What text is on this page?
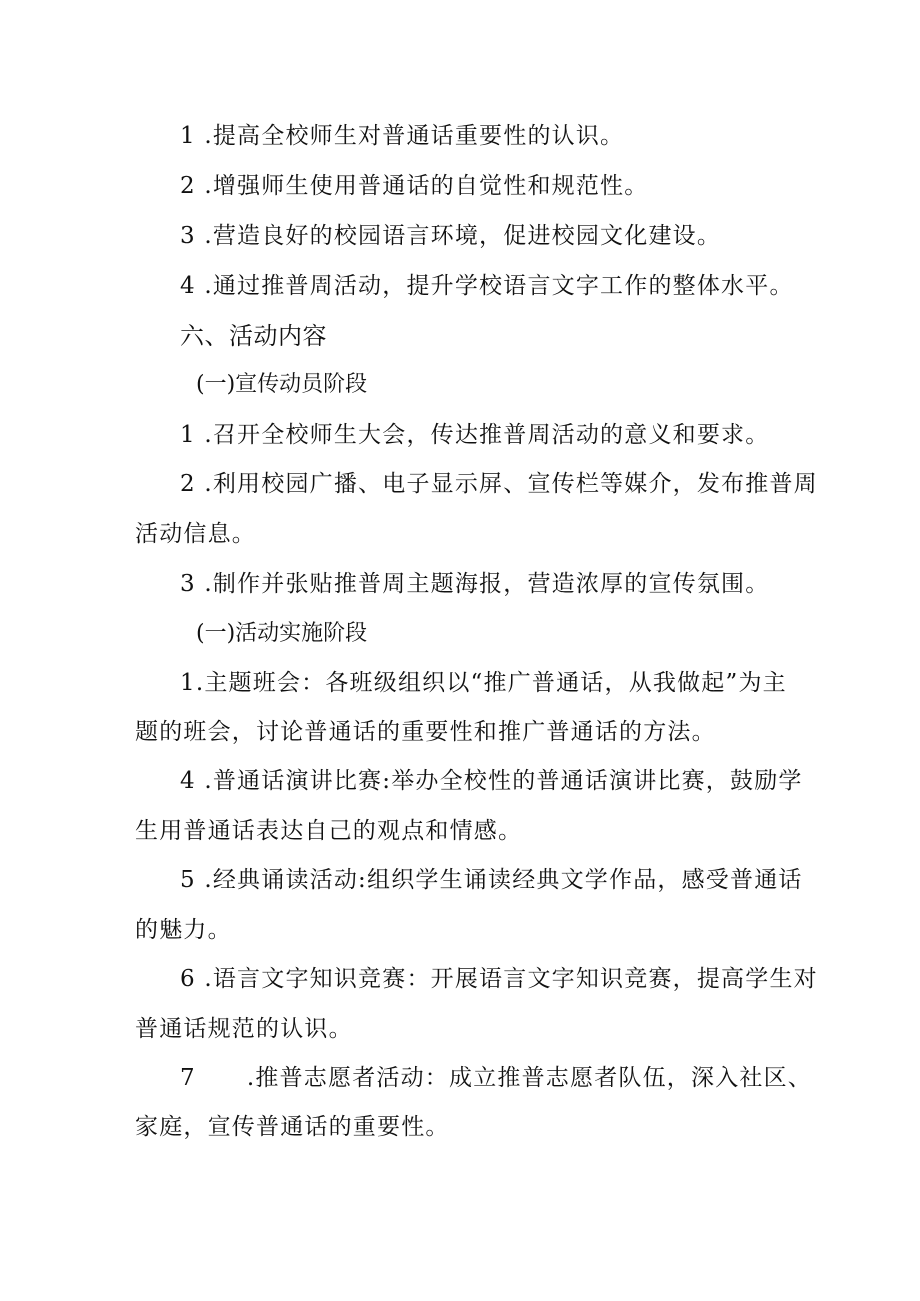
1 .提高全校师生对普通话重要性的认识。

2 .增强师生使用普通话的自觉性和规范性。

3 .营造良好的校园语言环境，促进校园文化建设。

4 .通过推普周活动，提升学校语言文字工作的整体水平。

六、活动内容

(一)宣传动员阶段

1 .召开全校师生大会，传达推普周活动的意义和要求。

2 .利用校园广播、电子显示屏、宣传栏等媒介，发布推普周

活动信息。

3 .制作并张贴推普周主题海报，营造浓厚的宣传氛围。

(一)活动实施阶段

1.主题班会：各班级组织以“推广普通话，从我做起”为主

题的班会，讨论普通话的重要性和推广普通话的方法。

4 .普通话演讲比赛:举办全校性的普通话演讲比赛，鼓励学

生用普通话表达自己的观点和情感。

5 .经典诵读活动:组织学生诵读经典文学作品，感受普通话

的魅力。

6 .语言文字知识竞赛：开展语言文字知识竞赛，提高学生对

普通话规范的认识。

7      .推普志愿者活动：成立推普志愿者队伍，深入社区、

家庭，宣传普通话的重要性。
